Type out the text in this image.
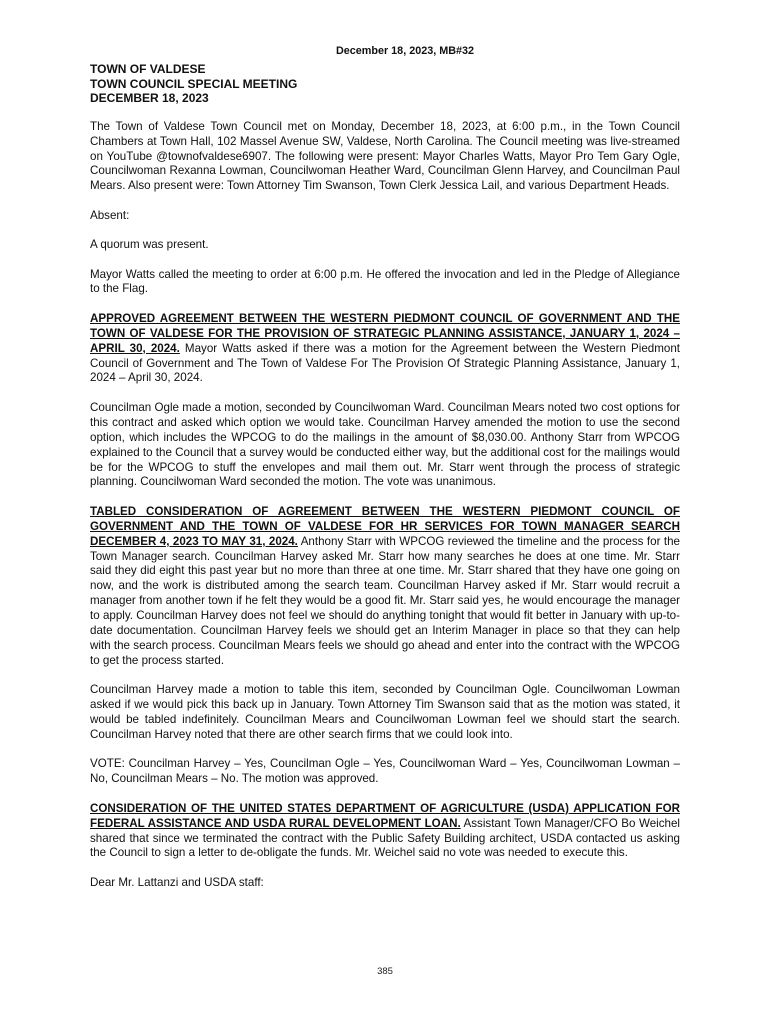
December 18, 2023, MB#32
TOWN OF VALDESE
TOWN COUNCIL SPECIAL MEETING
DECEMBER 18, 2023

The Town of Valdese Town Council met on Monday, December 18, 2023, at 6:00 p.m., in the Town Council Chambers at Town Hall, 102 Massel Avenue SW, Valdese, North Carolina. The Council meeting was live-streamed on YouTube @townofvaldese6907. The following were present: Mayor Charles Watts, Mayor Pro Tem Gary Ogle, Councilwoman Rexanna Lowman, Councilwoman Heather Ward, Councilman Glenn Harvey, and Councilman Paul Mears. Also present were: Town Attorney Tim Swanson, Town Clerk Jessica Lail, and various Department Heads.

Absent:

A quorum was present.

Mayor Watts called the meeting to order at 6:00 p.m. He offered the invocation and led in the Pledge of Allegiance to the Flag.

APPROVED AGREEMENT BETWEEN THE WESTERN PIEDMONT COUNCIL OF GOVERNMENT AND THE TOWN OF VALDESE FOR THE PROVISION OF STRATEGIC PLANNING ASSISTANCE, JANUARY 1, 2024 – APRIL 30, 2024. Mayor Watts asked if there was a motion for the Agreement between the Western Piedmont Council of Government and The Town of Valdese For The Provision Of Strategic Planning Assistance, January 1, 2024 – April 30, 2024.

Councilman Ogle made a motion, seconded by Councilwoman Ward. Councilman Mears noted two cost options for this contract and asked which option we would take. Councilman Harvey amended the motion to use the second option, which includes the WPCOG to do the mailings in the amount of $8,030.00. Anthony Starr from WPCOG explained to the Council that a survey would be conducted either way, but the additional cost for the mailings would be for the WPCOG to stuff the envelopes and mail them out. Mr. Starr went through the process of strategic planning. Councilwoman Ward seconded the motion. The vote was unanimous.

TABLED CONSIDERATION OF AGREEMENT BETWEEN THE WESTERN PIEDMONT COUNCIL OF GOVERNMENT AND THE TOWN OF VALDESE FOR HR SERVICES FOR TOWN MANAGER SEARCH DECEMBER 4, 2023 TO MAY 31, 2024. Anthony Starr with WPCOG reviewed the timeline and the process for the Town Manager search. Councilman Harvey asked Mr. Starr how many searches he does at one time. Mr. Starr said they did eight this past year but no more than three at one time. Mr. Starr shared that they have one going on now, and the work is distributed among the search team. Councilman Harvey asked if Mr. Starr would recruit a manager from another town if he felt they would be a good fit. Mr. Starr said yes, he would encourage the manager to apply. Councilman Harvey does not feel we should do anything tonight that would fit better in January with up-to-date documentation. Councilman Harvey feels we should get an Interim Manager in place so that they can help with the search process. Councilman Mears feels we should go ahead and enter into the contract with the WPCOG to get the process started.

Councilman Harvey made a motion to table this item, seconded by Councilman Ogle. Councilwoman Lowman asked if we would pick this back up in January. Town Attorney Tim Swanson said that as the motion was stated, it would be tabled indefinitely. Councilman Mears and Councilwoman Lowman feel we should start the search. Councilman Harvey noted that there are other search firms that we could look into.

VOTE: Councilman Harvey – Yes, Councilman Ogle – Yes, Councilwoman Ward – Yes, Councilwoman Lowman – No, Councilman Mears – No. The motion was approved.

CONSIDERATION OF THE UNITED STATES DEPARTMENT OF AGRICULTURE (USDA) APPLICATION FOR FEDERAL ASSISTANCE AND USDA RURAL DEVELOPMENT LOAN. Assistant Town Manager/CFO Bo Weichel shared that since we terminated the contract with the Public Safety Building architect, USDA contacted us asking the Council to sign a letter to de-obligate the funds. Mr. Weichel said no vote was needed to execute this.

Dear Mr. Lattanzi and USDA staff:

385
